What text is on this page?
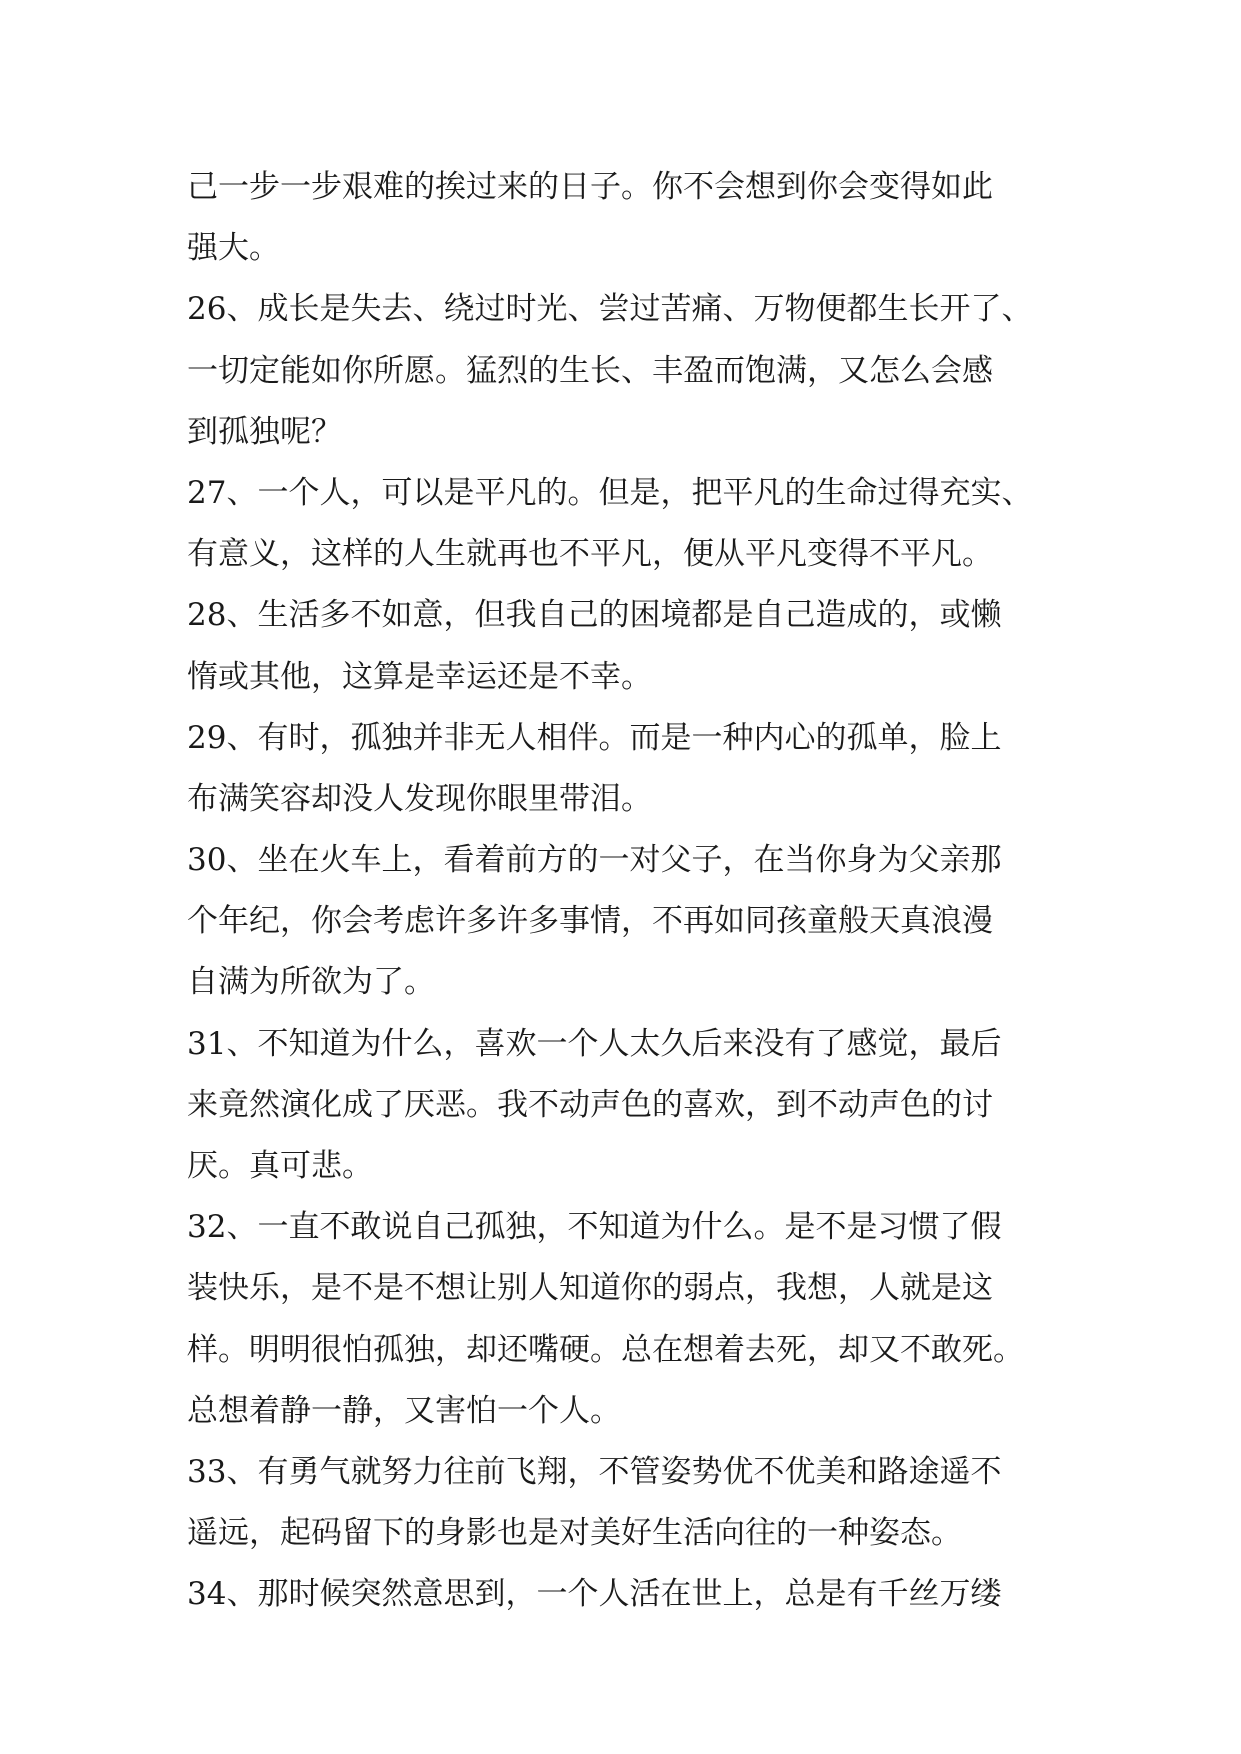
己一步一步艰难的挨过来的日子。你不会想到你会变得如此
强大。
26、成长是失去、绕过时光、尝过苦痛、万物便都生长开了、
一切定能如你所愿。猛烈的生长、丰盈而饱满，又怎么会感
到孤独呢？
27、一个人，可以是平凡的。但是，把平凡的生命过得充实、
有意义，这样的人生就再也不平凡，便从平凡变得不平凡。
28、生活多不如意，但我自己的困境都是自己造成的，或懒
惰或其他，这算是幸运还是不幸。
29、有时，孤独并非无人相伴。而是一种内心的孤单，脸上
布满笑容却没人发现你眼里带泪。
30、坐在火车上，看着前方的一对父子，在当你身为父亲那
个年纪，你会考虑许多许多事情，不再如同孩童般天真浪漫
自满为所欲为了。
31、不知道为什么，喜欢一个人太久后来没有了感觉，最后
来竟然演化成了厌恶。我不动声色的喜欢，到不动声色的讨
厌。真可悲。
32、一直不敢说自己孤独，不知道为什么。是不是习惯了假
装快乐，是不是不想让别人知道你的弱点，我想，人就是这
样。明明很怕孤独，却还嘴硬。总在想着去死，却又不敢死。
总想着静一静，又害怕一个人。
33、有勇气就努力往前飞翔，不管姿势优不优美和路途遥不
遥远，起码留下的身影也是对美好生活向往的一种姿态。
34、那时候突然意思到，一个人活在世上，总是有千丝万缕
